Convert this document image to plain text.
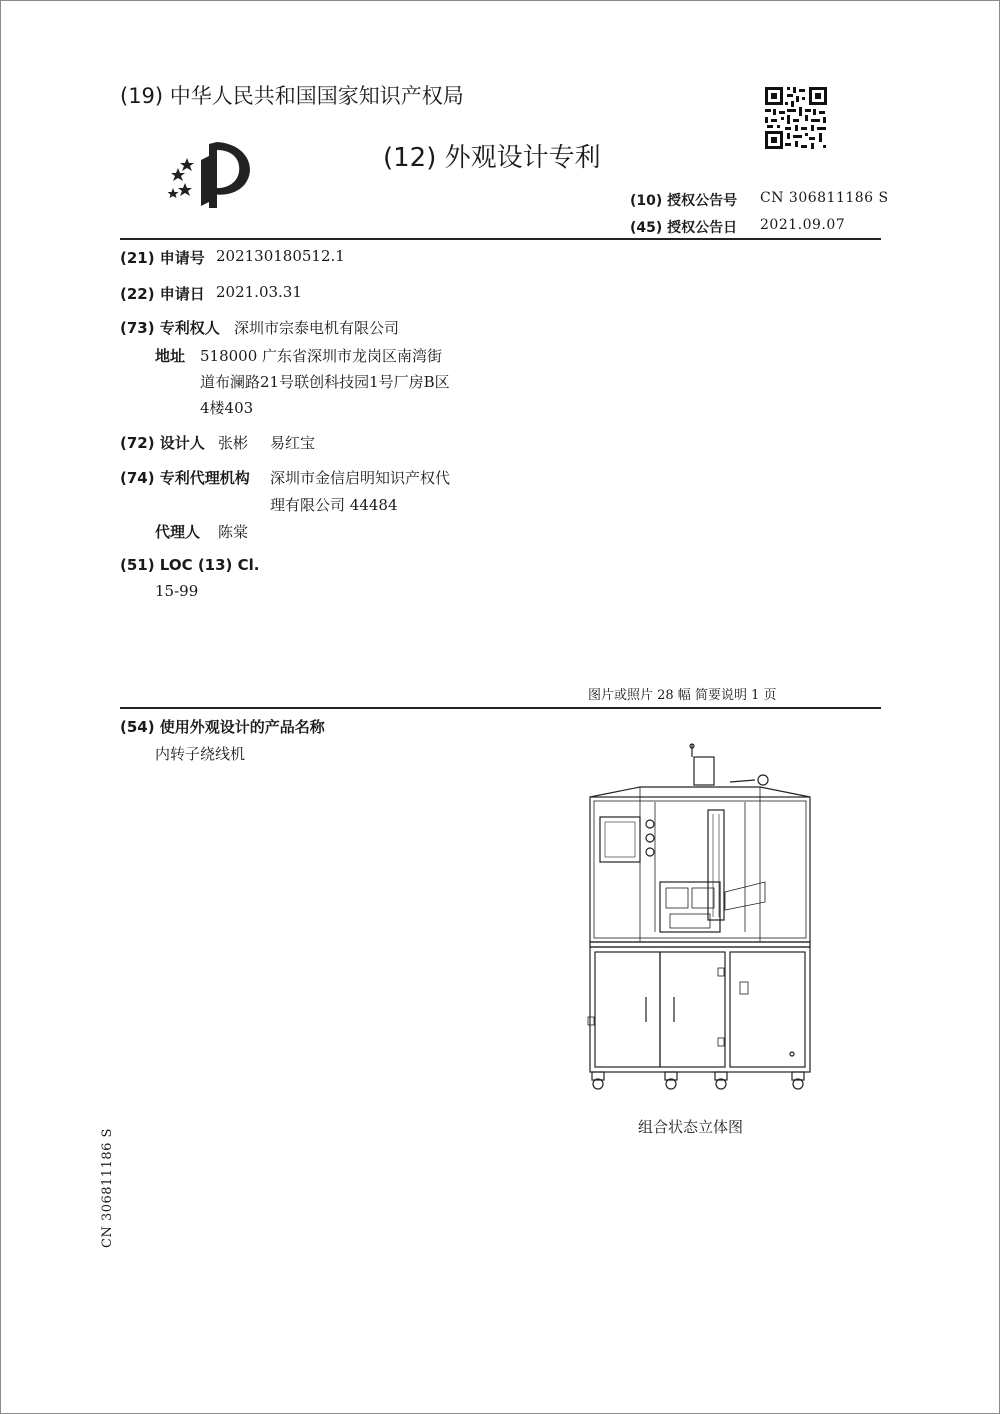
(19) 中华人民共和国国家知识产权局
(12) 外观设计专利
(10) 授权公告号 CN 306811186 S
(45) 授权公告日 2021.09.07
(21) 申请号 202130180512.1
(22) 申请日 2021.03.31
(73) 专利权人 深圳市宗泰电机有限公司
地址 518000 广东省深圳市龙岗区南湾街
道布澜路21号联创科技园1号厂房B区
4楼403
(72) 设计人 张彬 易红宝
(74) 专利代理机构 深圳市金信启明知识产权代
理有限公司 44484
代理人 陈棠
(51) LOC (13) Cl.
15-99
图片或照片 28 幅 简要说明 1 页
(54) 使用外观设计的产品名称
内转子绕线机
组合状态立体图
CN 306811186 S
